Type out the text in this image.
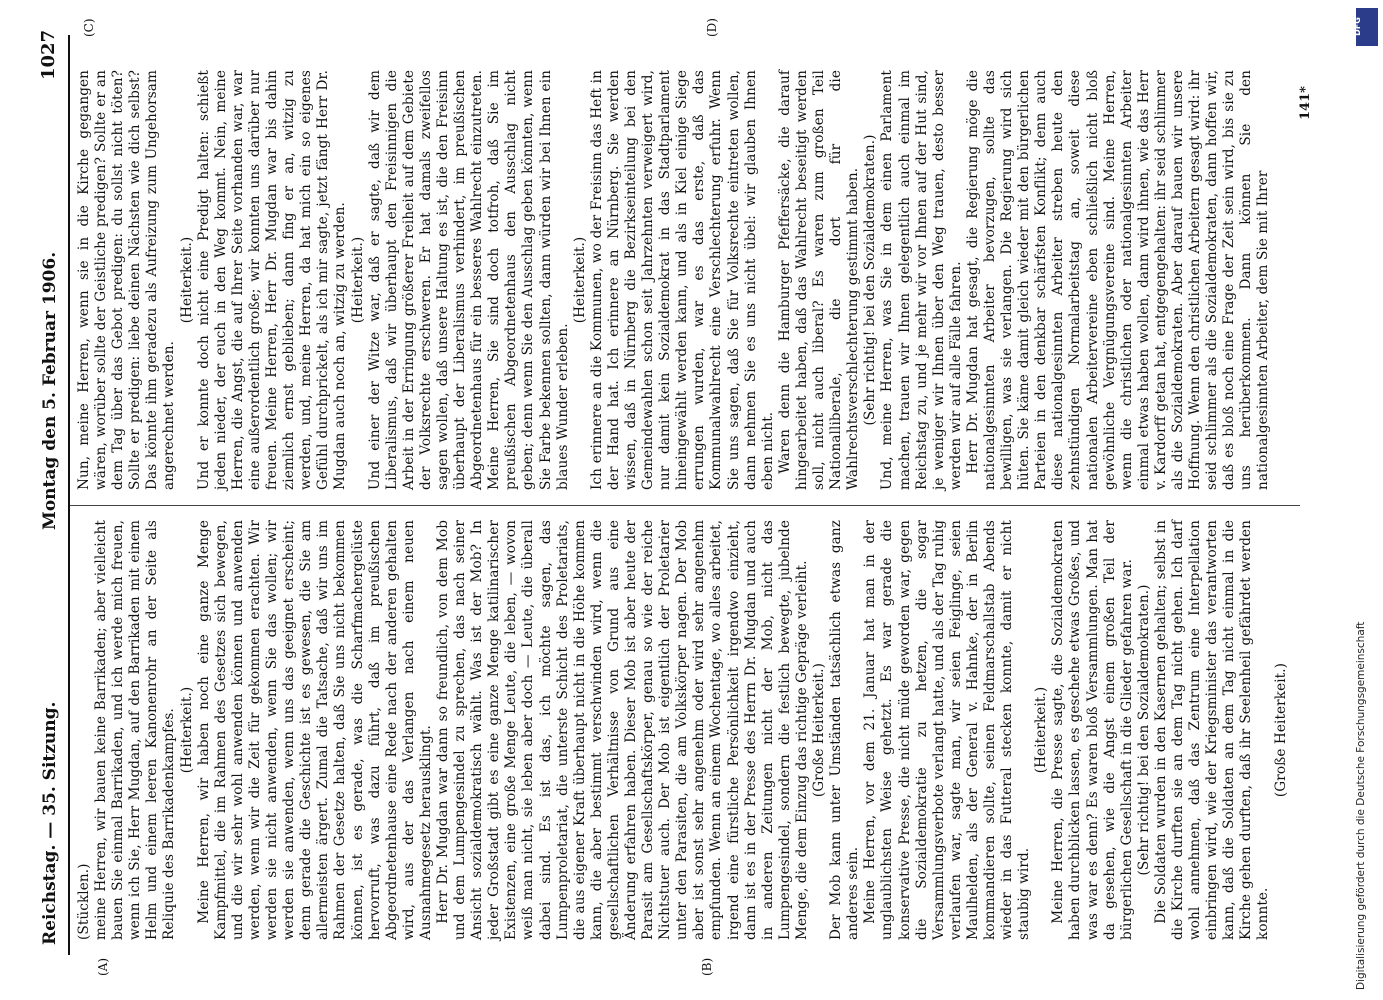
Reichstag. — 35. Sitzung.
Montag den 5. Februar 1906.
1027
(A)	(B)
(C)	(D)

(Stücklen.) meine Herren, wir bauen keine Barrikaden; aber vielleicht bauen Sie einmal Barrikaden, und ich werde mich freuen, wenn ich Sie, Herr Mugdan, auf den Barrikaden mit einem Helm und einem leeren Kanonenrohr an der Seite als Reliquie des Barrikadenkampfes. (Heiterkeit.) Meine Herren, wir haben noch eine ganze Menge Kampfmittel, die im Rahmen des Gesetzes sich bewegen, und die wir sehr wohl anwenden können und anwenden werden, wenn wir die Zeit für gekommen erachten. Wir werden sie nicht anwenden, wenn Sie das wollen; wir werden sie anwenden, wenn uns das geeignet erscheint; denn gerade die Geschichte ist es gewesen, die Sie am allermeisten ärgert. Zumal die Tatsache, daß wir uns im Rahmen der Gesetze halten, daß Sie uns nicht bekommen können, ist es gerade, was die Scharfmachergelüste hervorruft, was dazu führt, daß im preußischen Abgeordnetenhause eine Rede nach der anderen gehalten wird, aus der das Verlangen nach einem neuen Ausnahmegesetz herausklingt. Herr Dr. Mugdan war dann so freundlich, von dem Mob und dem Lumpengesindel zu sprechen, das nach seiner Ansicht sozialdemokratisch wählt. Was ist der Mob? In jeder Großstadt gibt es eine ganze Menge katilinarischer Existenzen, eine große Menge Leute, die leben, — wovon weiß man nicht, sie leben aber doch — Leute, die überall dabei sind. Es ist das, ich möchte sagen, das Lumpenproletariat, die unterste Schicht des Proletariats, die aus eigener Kraft überhaupt nicht in die Höhe kommen kann, die aber bestimmt verschwinden wird, wenn die gesellschaftlichen Verhältnisse von Grund aus eine Änderung erfahren haben. Dieser Mob ist aber heute der Parasit am Gesellschaftskörper, genau so wie der reiche Nichtstuer auch. Der Mob ist eigentlich der Proletarier unter den Parasiten, die am Volkskörper nagen. Der Mob aber ist sonst sehr angenehm oder wird sehr angenehm empfunden. Wenn an einem Wochentage, wo alles arbeitet, irgend eine fürstliche Persönlichkeit irgendwo einzieht, dann ist es in der Presse des Herrn Dr. Mugdan und auch in anderen Zeitungen nicht der Mob, nicht das Lumpengesindel, sondern die festlich bewegte, jubelnde Menge, die dem Einzug das richtige Gepräge verleiht. (Große Heiterkeit.) Der Mob kann unter Umständen tatsächlich etwas ganz anderes sein. Meine Herren, vor dem 21. Januar hat man in der unglaublichsten Weise gehetzt. Es war gerade die konservative Presse, die nicht müde geworden war, gegen die Sozialdemokratie zu hetzen, die sogar Versammlungsverbote verlangt hatte, und als der Tag ruhig verlaufen war, sagte man, wir seien Feiglinge, seien Maulhelden, als der General v. Hahnke, der in Berlin kommandieren sollte, seinen Feldmarschallstab Abends wieder in das Futteral stecken konnte, damit er nicht staubig wird.

(Heiterkeit.) Meine Herren, die Presse sagte, die Sozialdemokraten haben durchblicken lassen, es geschehe etwas Großes, und was war es denn? Es waren bloß Versammlungen. Man hat da gesehen, wie die Angst einem großen Teil der bürgerlichen Gesellschaft in die Glieder gefahren war. (Sehr richtig! bei den Sozialdemokraten.) Die Soldaten wurden in den Kasernen gehalten; selbst in die Kirche durften sie an dem Tag nicht gehen. Ich darf wohl annehmen, daß das Zentrum eine Interpellation einbringen wird, wie der Kriegsminister das verantworten kann, daß die Soldaten an dem Tag nicht einmal in die Kirche gehen durften, daß ihr Seelenheil gefährdet werden konnte.

(Große Heiterkeit.)

Nun, meine Herren, wenn sie in die Kirche gegangen wären, worüber sollte der Geistliche predigen? Sollte er an dem Tag über das Gebot predigen: du sollst nicht töten? Sollte er predigen: liebe deinen Nächsten wie dich selbst? Das könnte ihm geradezu als Aufreizung zum Ungehorsam angerechnet werden.

(Heiterkeit.) Und er konnte doch nicht eine Predigt halten: schießt jeden nieder, der euch in den Weg kommt. Nein, meine Herren, die Angst, die auf Ihrer Seite vorhanden war, war eine außerordentlich große; wir konnten uns darüber nur freuen. Meine Herren, Herr Dr. Mugdan war bis dahin ziemlich ernst geblieben; dann fing er an, witzig zu werden, und, meine Herren, da hat mich ein so eigenes Gefühl durchprickelt, als ich mir sagte, jetzt fängt Herr Dr. Mugdan auch noch an, witzig zu werden. (Heiterkeit.) Und einer der Witze war, daß er sagte, daß wir dem Liberalismus, daß wir überhaupt den Freisinnigen die Arbeit in der Erringung größerer Freiheit auf dem Gebiete der Volksrechte erschweren. Er hat damals zweifellos sagen wollen, daß unsere Haltung es ist, die den Freisinn überhaupt der Liberalismus verhindert, im preußischen Abgeordnetenhaus für ein besseres Wahlrecht einzutreten. Meine Herren, Sie sind doch totfroh, daß Sie im preußischen Abgeordnetenhaus den Ausschlag nicht geben; denn wenn Sie den Ausschlag geben könnten, wenn Sie Farbe bekennen sollten, dann würden wir bei Ihnen ein blaues Wunder erleben.

(Heiterkeit.) Ich erinnere an die Kommunen, wo der Freisinn das Heft in der Hand hat. Ich erinnere an Nürnberg. Sie werden wissen, daß in Nürnberg die Bezirkseinteilung bei den Gemeindewahlen schon seit Jahrzehnten verweigert wird, nur damit kein Sozialdemokrat in das Stadtparlament hineingewählt werden kann, und als in Kiel einige Siege errungen wurden, war es das erste, daß das Kommunalwahlrecht eine Verschlechterung erfuhr. Wenn Sie uns sagen, daß Sie für Volksrechte eintreten wollen, dann nehmen Sie es uns nicht übel: wir glauben Ihnen eben nicht. Waren denn die Hamburger Pfeffersäcke, die darauf hingearbeitet haben, daß das Wahlrecht beseitigt werden soll, nicht auch liberal? Es waren zum großen Teil Nationalliberale, die dort für die Wahlrechtsverschlechterung gestimmt haben. (Sehr richtig! bei den Sozialdemokraten.) Und, meine Herren, was Sie in dem einen Parlament machen, trauen wir Ihnen gelegentlich auch einmal im Reichstag zu, und je mehr wir vor Ihnen auf der Hut sind, je weniger wir Ihnen über den Weg trauen, desto besser werden wir auf alle Fälle fahren. Herr Dr. Mugdan hat gesagt, die Regierung möge die nationalgesinnten Arbeiter bevorzugen, sollte das bewilligen, was sie verlangen. Die Regierung wird sich hüten. Sie käme damit gleich wieder mit den bürgerlichen Parteien in den denkbar schärfsten Konflikt; denn auch diese nationalgesinnten Arbeiter streben heute den zehnstündigen Normalarbeitstag an, soweit diese nationalen Arbeitervereine eben schließlich nicht bloß gewöhnliche Vergnügungsvereine sind. Meine Herren, wenn die christlichen oder nationalgesinnten Arbeiter einmal etwas haben wollen, dann wird ihnen, wie das Herr v. Kardorff getan hat, entgegengehalten: ihr seid schlimmer als die Sozialdemokraten. Aber darauf bauen wir unsere Hoffnung. Wenn den christlichen Arbeitern gesagt wird: ihr seid schlimmer als die Sozialdemokraten, dann hoffen wir, daß es bloß noch eine Frage der Zeit sein wird, bis sie zu uns herüberkommen. Dann können Sie den nationalgesinnten Arbeiter, dem Sie mit Ihrer

141*
Digitalisierung gefördert durch die Deutsche Forschungsgemeinschaft
DFG
